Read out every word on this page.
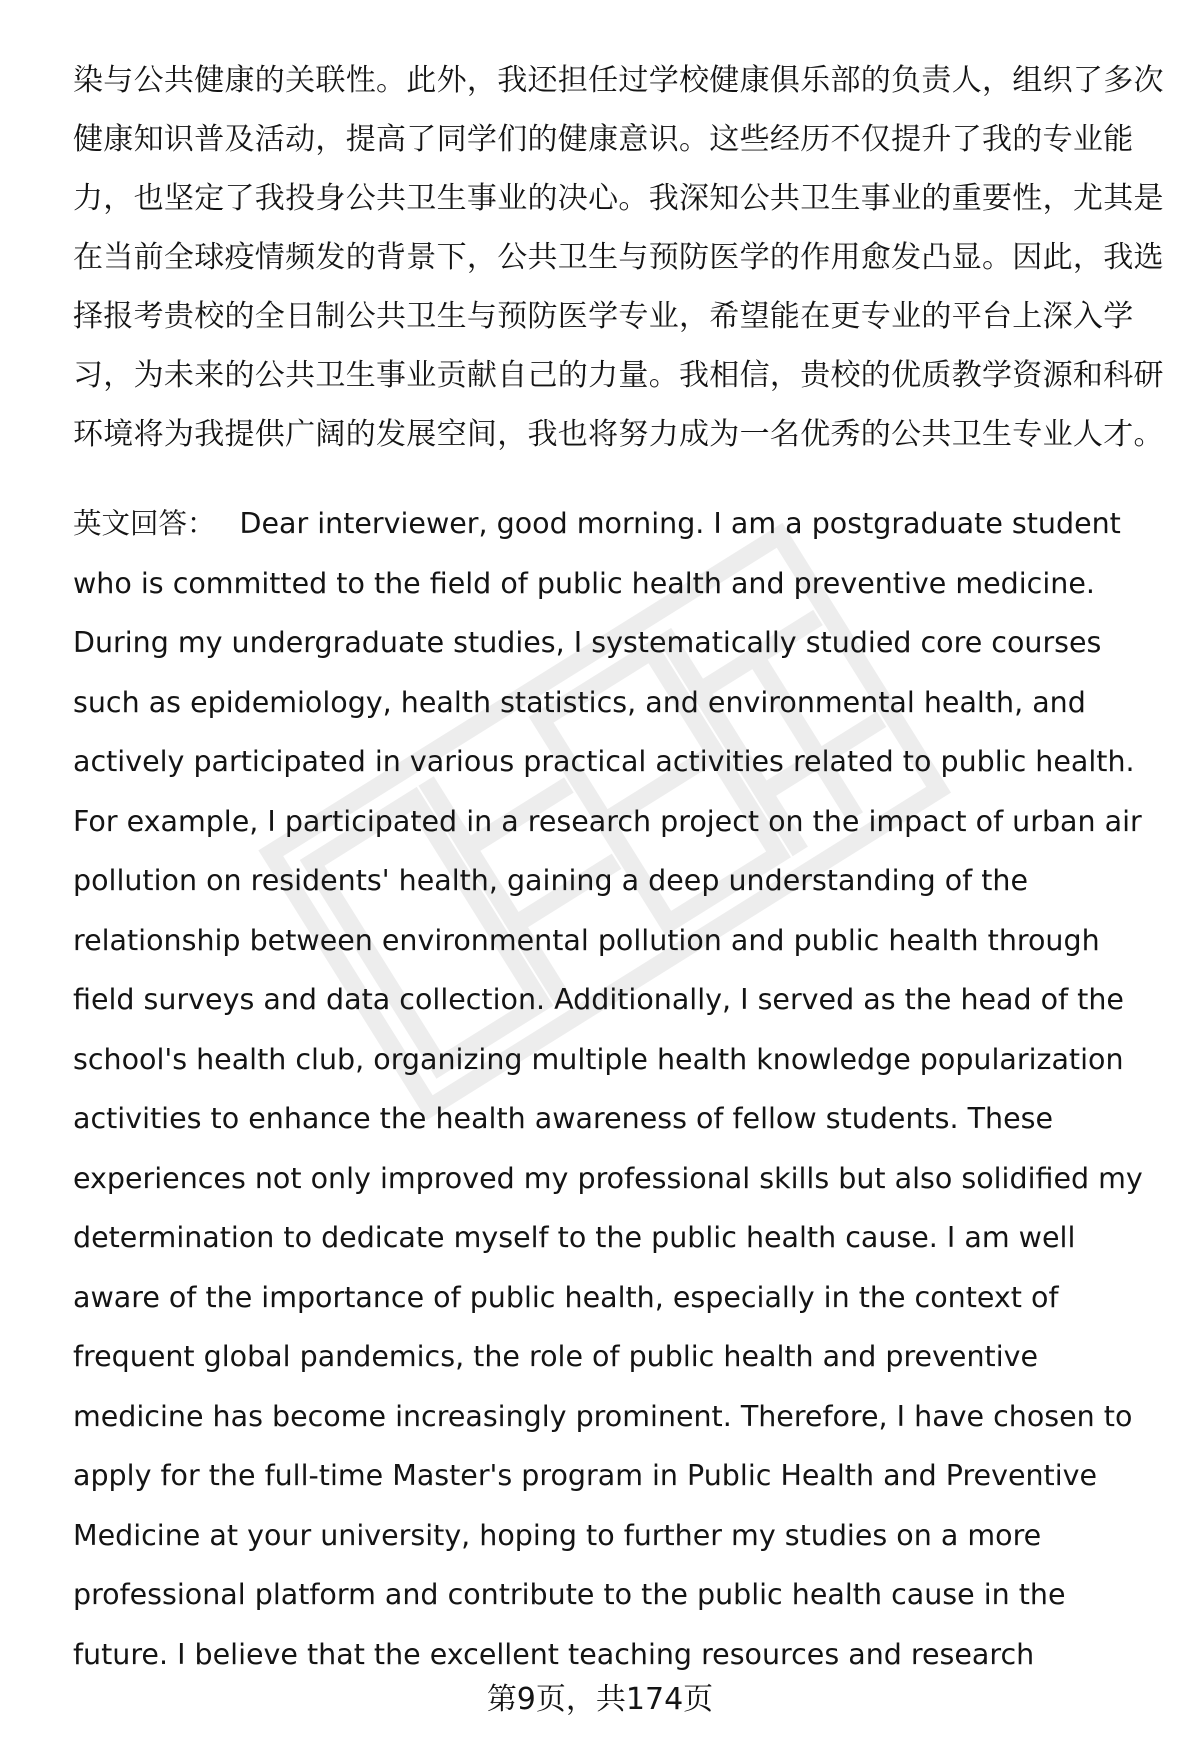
染与公共健康的关联性。此外，我还担任过学校健康俱乐部的负责人，组织了多次
健康知识普及活动，提高了同学们的健康意识。这些经历不仅提升了我的专业能
力，也坚定了我投身公共卫生事业的决心。我深知公共卫生事业的重要性，尤其是
在当前全球疫情频发的背景下，公共卫生与预防医学的作用愈发凸显。因此，我选
择报考贵校的全日制公共卫生与预防医学专业，希望能在更专业的平台上深入学
习，为未来的公共卫生事业贡献自己的力量。我相信，贵校的优质教学资源和科研
环境将为我提供广阔的发展空间，我也将努力成为一名优秀的公共卫生专业人才。
英文回答： Dear interviewer, good morning. I am a postgraduate student
who is committed to the field of public health and preventive medicine.
During my undergraduate studies, I systematically studied core courses
such as epidemiology, health statistics, and environmental health, and
actively participated in various practical activities related to public health.
For example, I participated in a research project on the impact of urban air
pollution on residents' health, gaining a deep understanding of the
relationship between environmental pollution and public health through
field surveys and data collection. Additionally, I served as the head of the
school's health club, organizing multiple health knowledge popularization
activities to enhance the health awareness of fellow students. These
experiences not only improved my professional skills but also solidified my
determination to dedicate myself to the public health cause. I am well
aware of the importance of public health, especially in the context of
frequent global pandemics, the role of public health and preventive
medicine has become increasingly prominent. Therefore, I have chosen to
apply for the full-time Master's program in Public Health and Preventive
Medicine at your university, hoping to further my studies on a more
professional platform and contribute to the public health cause in the
future. I believe that the excellent teaching resources and research
第9页，共174页
